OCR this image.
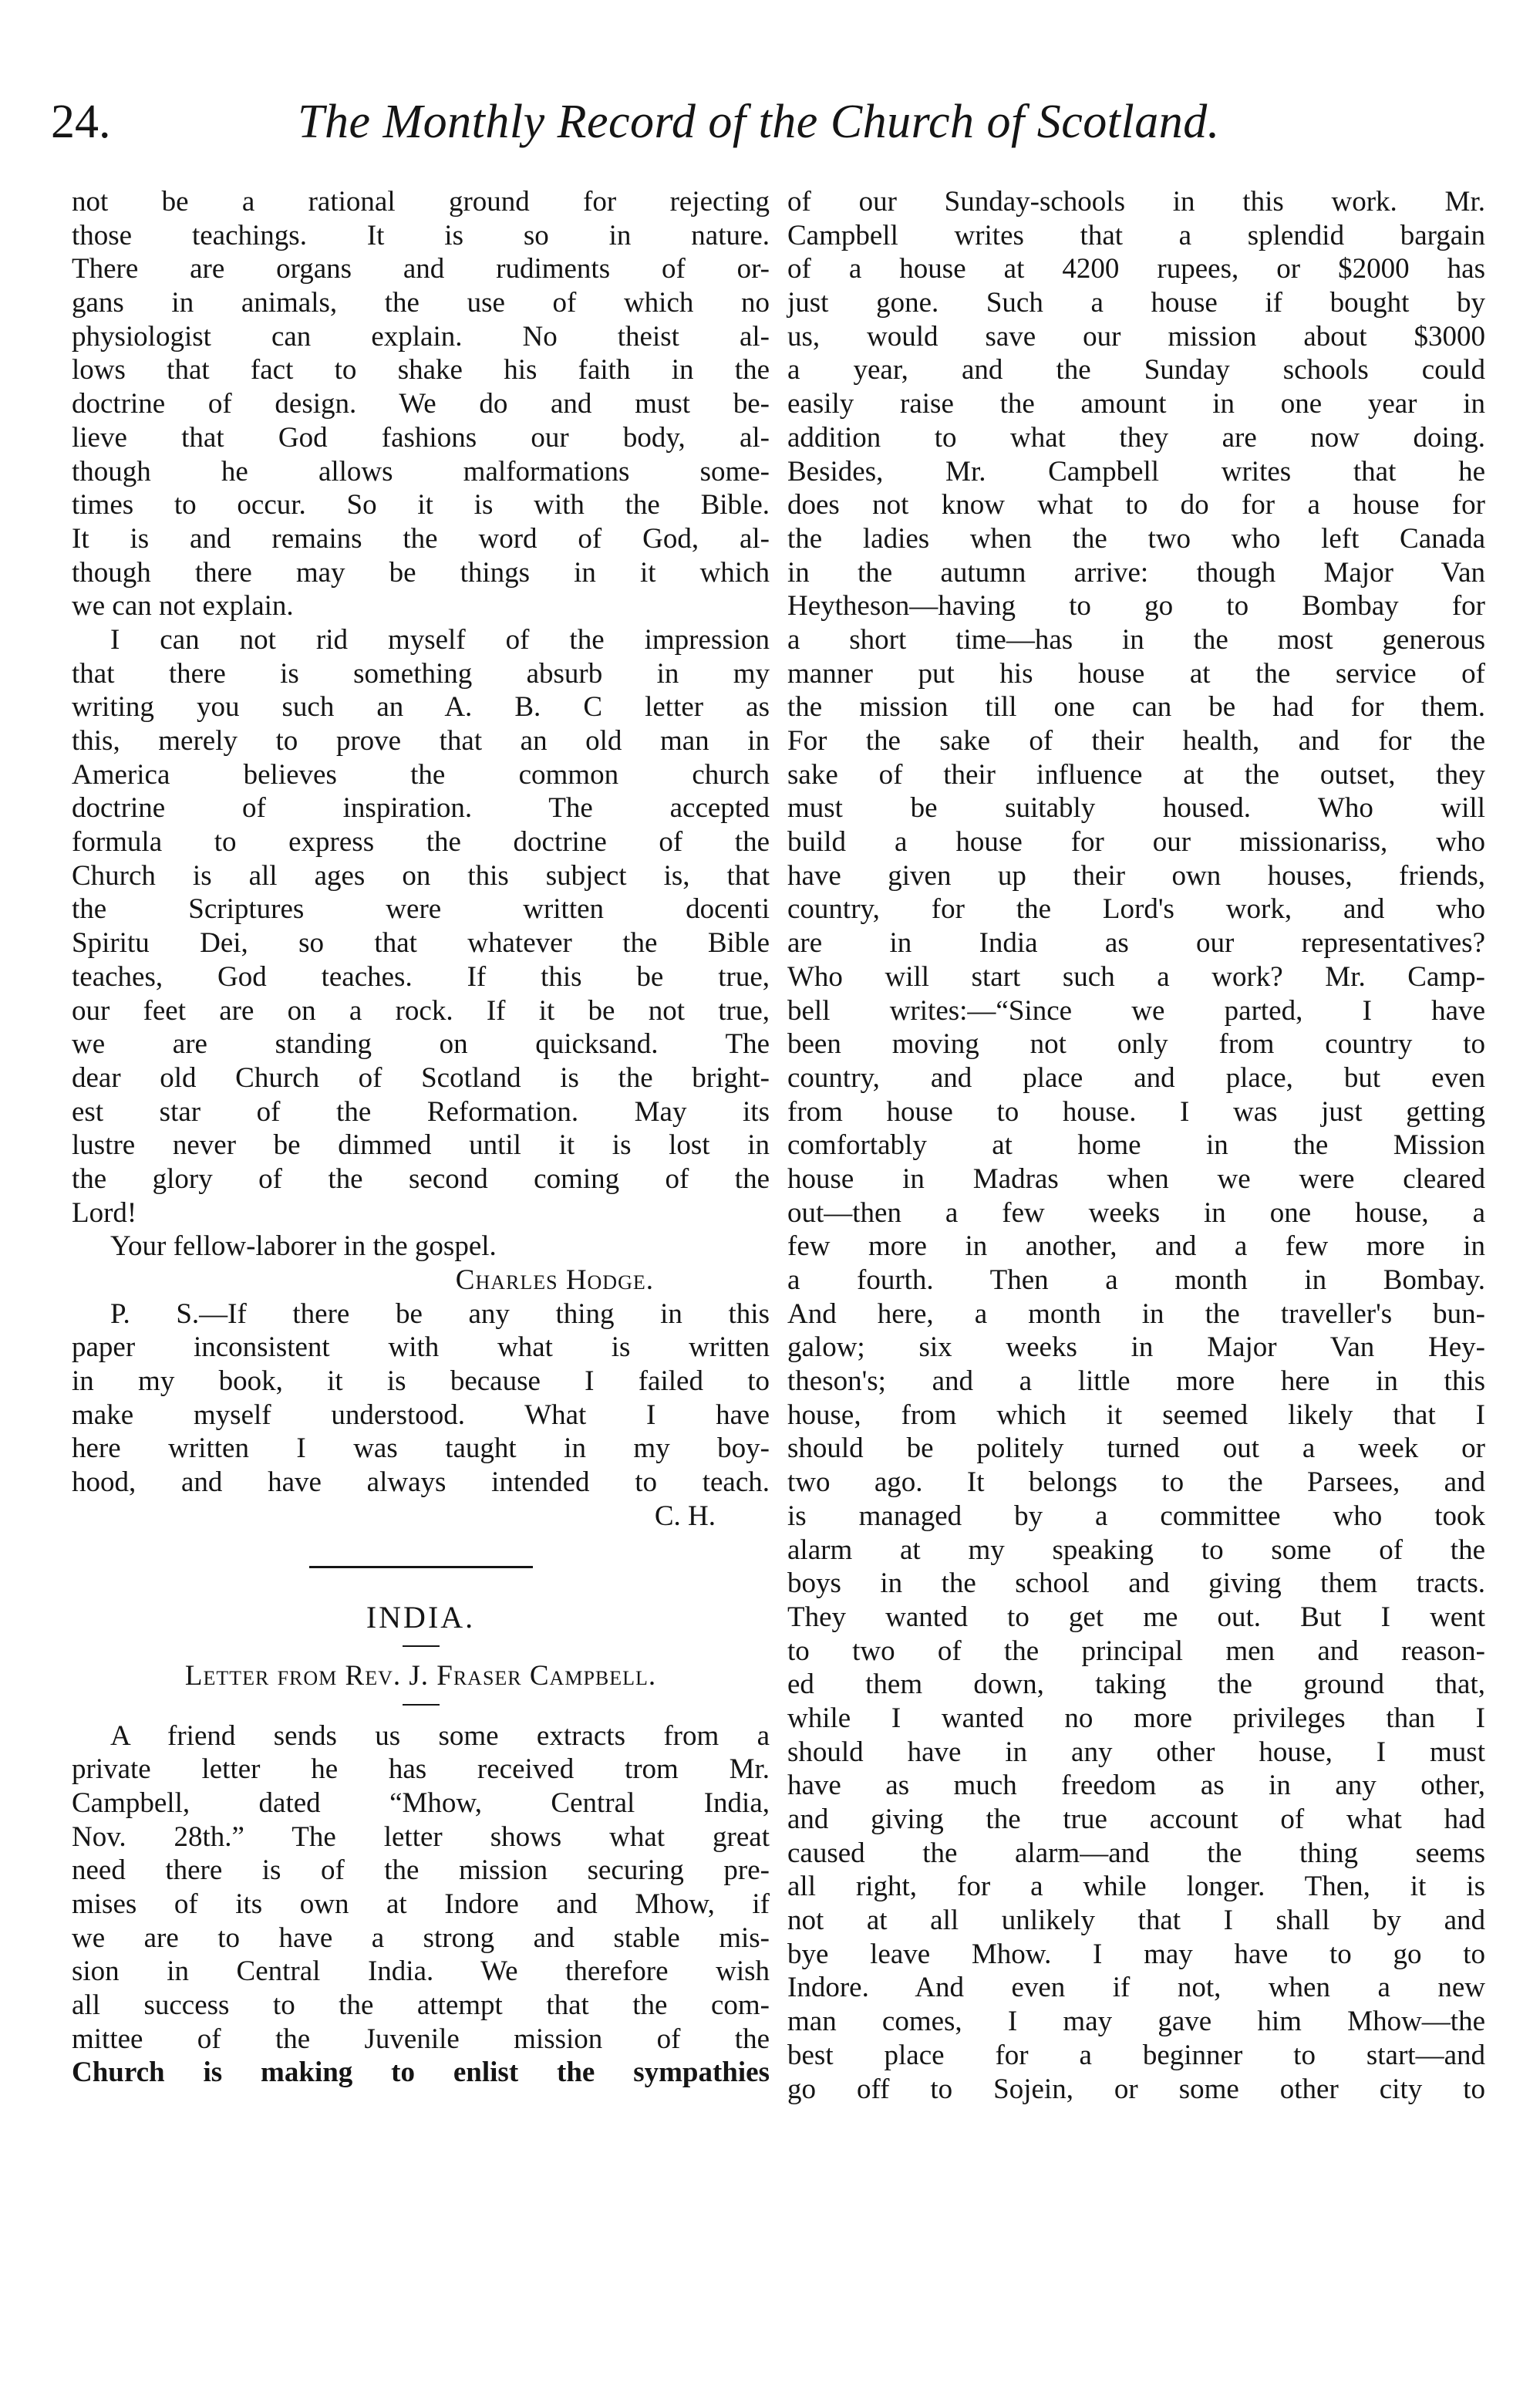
24.	The Monthly Record of the Church of Scotland.
not be a rational ground for rejecting
those teachings. It is so in nature.
There are organs and rudiments of or-
gans in animals, the use of which no
physiologist can explain. No theist al-
lows that fact to shake his faith in the
doctrine of design. We do and must be-
lieve that God fashions our body, al-
though he allows malformations some-
times to occur. So it is with the Bible.
It is and remains the word of God, al-
though there may be things in it which
we can not explain.
I can not rid myself of the impression
that there is something absurb in my
writing you such an A. B. C letter as
this, merely to prove that an old man in
America believes the common church
doctrine of inspiration. The accepted
formula to express the doctrine of the
Church is all ages on this subject is, that
the Scriptures were written docenti
Spiritu Dei, so that whatever the Bible
teaches, God teaches. If this be true,
our feet are on a rock. If it be not true,
we are standing on quicksand. The
dear old Church of Scotland is the bright-
est star of the Reformation. May its
lustre never be dimmed until it is lost in
the glory of the second coming of the
Lord!
Your fellow-laborer in the gospel.
Charles Hodge.
P. S.—If there be any thing in this
paper inconsistent with what is written
in my book, it is because I failed to
make myself understood. What I have
here written I was taught in my boy-
hood, and have always intended to teach.
C. H.
INDIA.
Letter from Rev. J. Fraser Campbell.
A friend sends us some extracts from a
private letter he has received trom Mr.
Campbell, dated “Mhow, Central India,
Nov. 28th.” The letter shows what great
need there is of the mission securing pre-
mises of its own at Indore and Mhow, if
we are to have a strong and stable mis-
sion in Central India. We therefore wish
all success to the attempt that the com-
mittee of the Juvenile mission of the
Church is making to enlist the sympathies
of our Sunday-schools in this work. Mr.
Campbell writes that a splendid bargain
of a house at 4200 rupees, or $2000 has
just gone. Such a house if bought by
us, would save our mission about $3000
a year, and the Sunday schools could
easily raise the amount in one year in
addition to what they are now doing.
Besides, Mr. Campbell writes that he
does not know what to do for a house for
the ladies when the two who left Canada
in the autumn arrive: though Major Van
Heytheson—having to go to Bombay for
a short time—has in the most generous
manner put his house at the service of
the mission till one can be had for them.
For the sake of their health, and for the
sake of their influence at the outset, they
must be suitably housed. Who will
build a house for our missionariss, who
have given up their own houses, friends,
country, for the Lord's work, and who
are in India as our representatives?
Who will start such a work? Mr. Camp-
bell writes:—“Since we parted, I have
been moving not only from country to
country, and place and place, but even
from house to house. I was just getting
comfortably at home in the Mission
house in Madras when we were cleared
out—then a few weeks in one house, a
few more in another, and a few more in
a fourth. Then a month in Bombay.
And here, a month in the traveller's bun-
galow; six weeks in Major Van Hey-
theson's; and a little more here in this
house, from which it seemed likely that I
should be politely turned out a week or
two ago. It belongs to the Parsees, and
is managed by a committee who took
alarm at my speaking to some of the
boys in the school and giving them tracts.
They wanted to get me out. But I went
to two of the principal men and reason-
ed them down, taking the ground that,
while I wanted no more privileges than I
should have in any other house, I must
have as much freedom as in any other,
and giving the true account of what had
caused the alarm—and the thing seems
all right, for a while longer. Then, it is
not at all unlikely that I shall by and
bye leave Mhow. I may have to go to
Indore. And even if not, when a new
man comes, I may gave him Mhow—the
best place for a beginner to start—and
go off to Sojein, or some other city to
